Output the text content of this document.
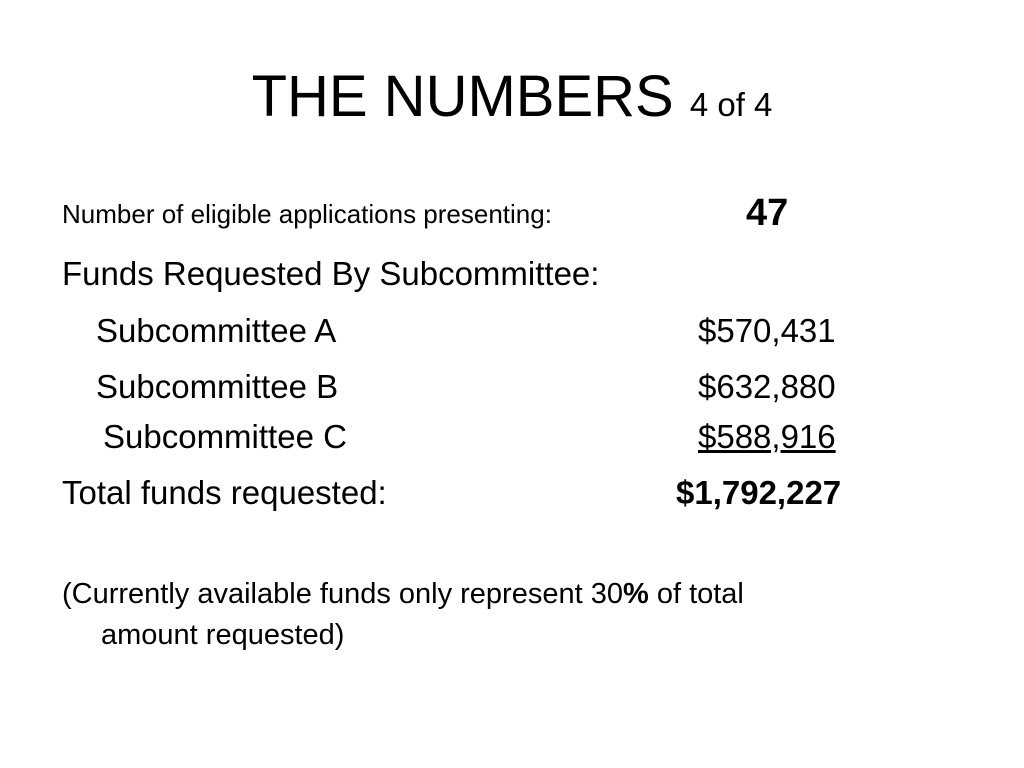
THE NUMBERS 4 of 4
Number of eligible applications presenting:	47
Funds Requested By Subcommittee:
Subcommittee A	$570,431
Subcommittee B	$632,880
Subcommittee C	$588,916
Total funds requested:	$1,792,227
(Currently available funds only represent 30% of total
amount requested)
